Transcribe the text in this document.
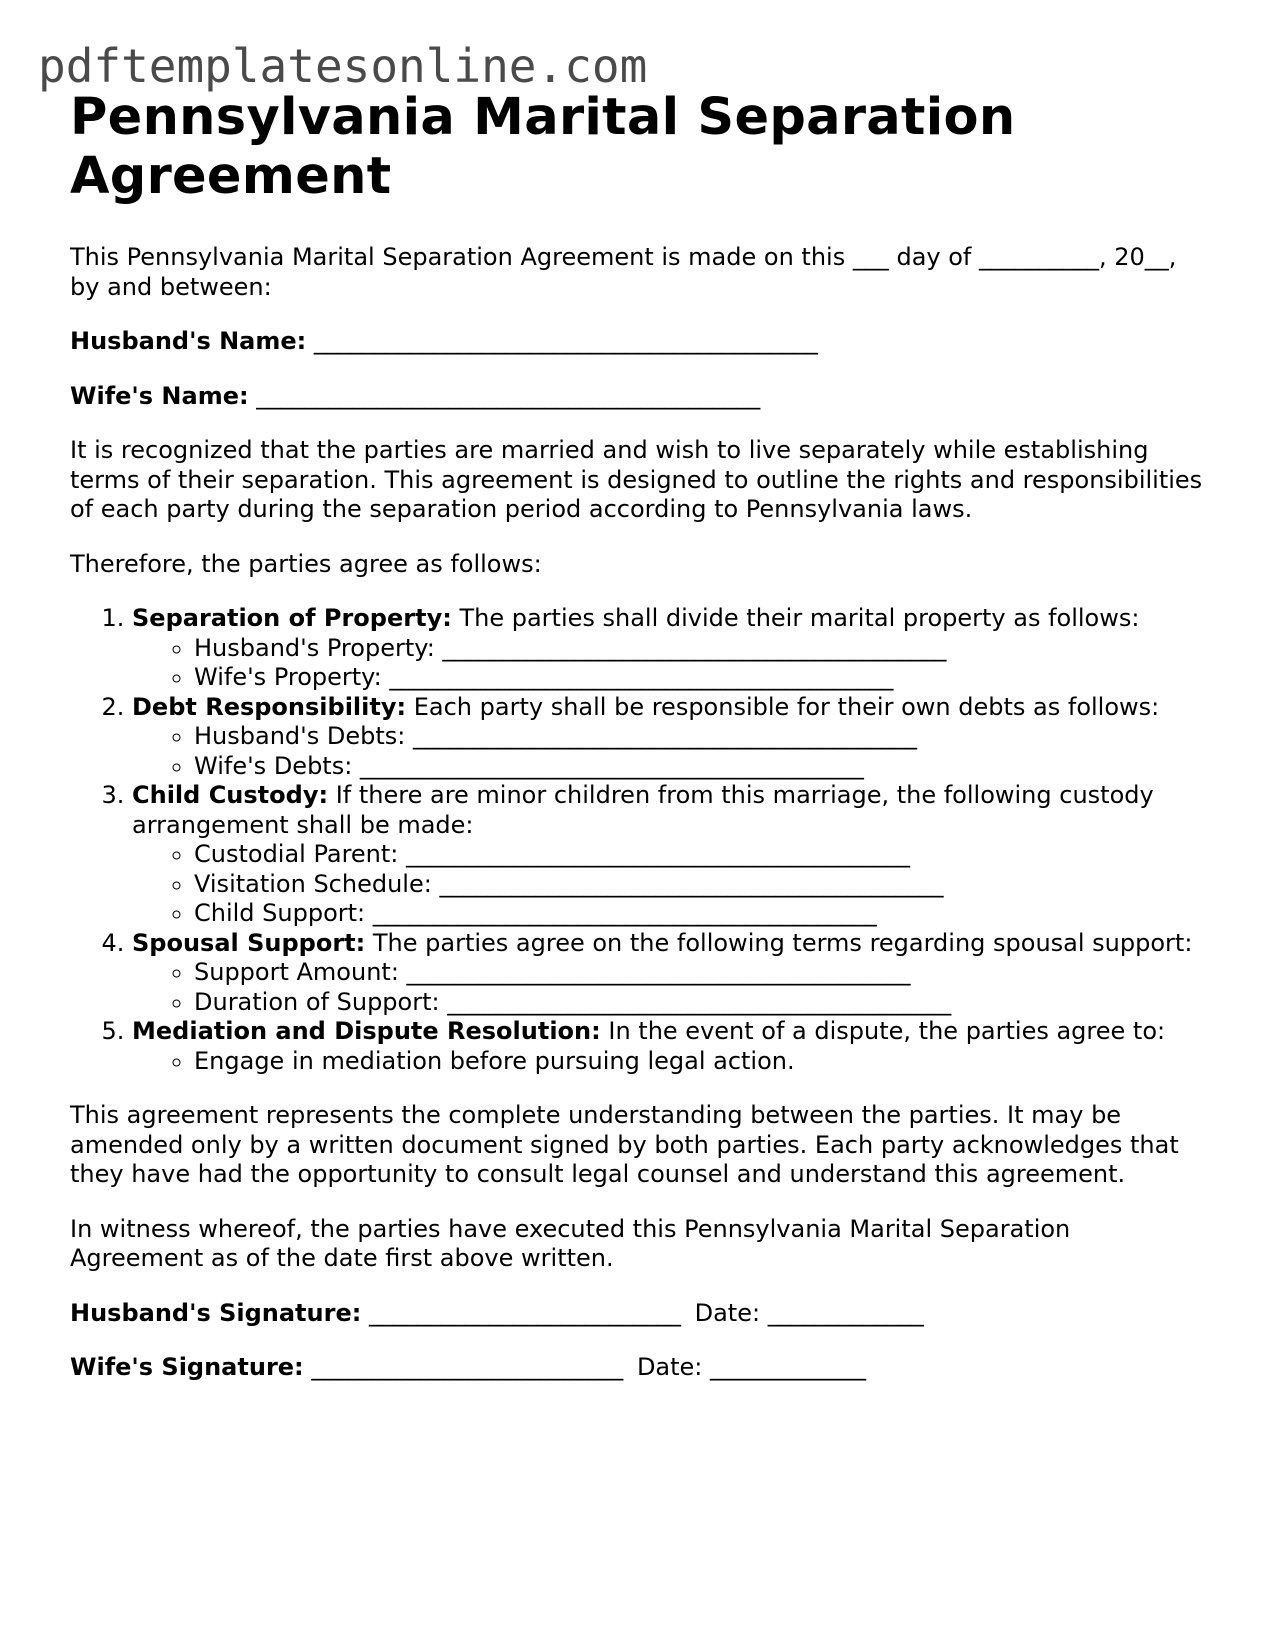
pdftemplatesonline.com
Pennsylvania Marital Separation Agreement

This Pennsylvania Marital Separation Agreement is made on this ___ day of __________, 20__, by and between:

Husband's Name: __________________________________________

Wife's Name: __________________________________________

It is recognized that the parties are married and wish to live separately while establishing terms of their separation. This agreement is designed to outline the rights and responsibilities of each party during the separation period according to Pennsylvania laws.

Therefore, the parties agree as follows:

1. Separation of Property: The parties shall divide their marital property as follows:
◦ Husband's Property: __________________________________________
◦ Wife's Property: __________________________________________
2. Debt Responsibility: Each party shall be responsible for their own debts as follows:
◦ Husband's Debts: __________________________________________
◦ Wife's Debts: __________________________________________
3. Child Custody: If there are minor children from this marriage, the following custody arrangement shall be made:
◦ Custodial Parent: __________________________________________
◦ Visitation Schedule: __________________________________________
◦ Child Support: __________________________________________
4. Spousal Support: The parties agree on the following terms regarding spousal support:
◦ Support Amount: __________________________________________
◦ Duration of Support: __________________________________________
5. Mediation and Dispute Resolution: In the event of a dispute, the parties agree to:
◦ Engage in mediation before pursuing legal action.

This agreement represents the complete understanding between the parties. It may be amended only by a written document signed by both parties. Each party acknowledges that they have had the opportunity to consult legal counsel and understand this agreement.

In witness whereof, the parties have executed this Pennsylvania Marital Separation Agreement as of the date first above written.

Husband's Signature: __________________________ Date: _____________

Wife's Signature: __________________________ Date: _____________
